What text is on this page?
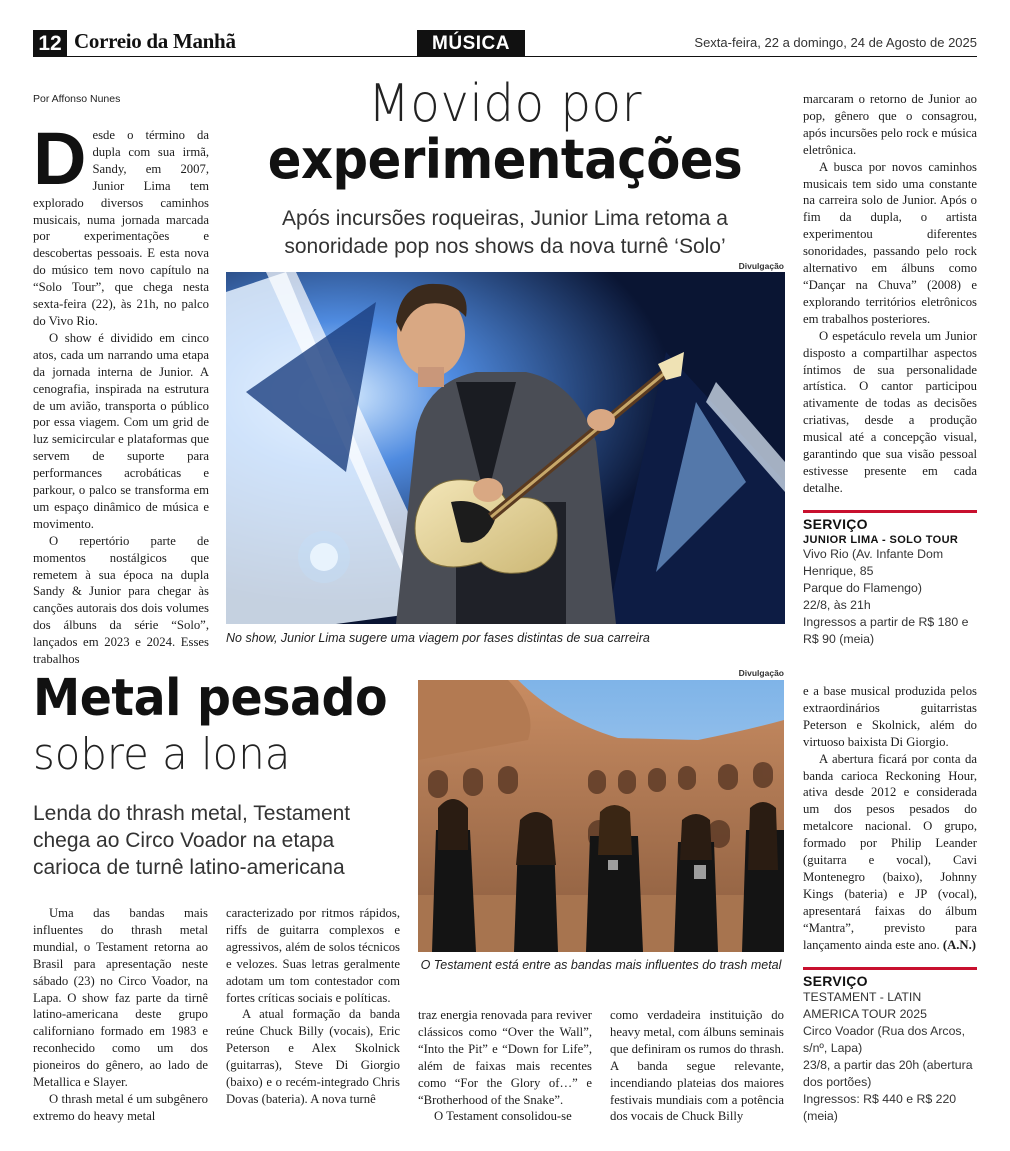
12 Correio da Manhã	MÚSICA	Sexta-feira, 22 a domingo, 24 de Agosto de 2025
Por Affonso Nunes

Desde o término da dupla com sua irmã, Sandy, em 2007, Junior Lima tem explorado diversos caminhos musicais, numa jornada marcada por experimentações e descobertas pessoais. E esta nova do músico tem novo capítulo na “Solo Tour”, que chega nesta sexta-feira (22), às 21h, no palco do Vivo Rio.

O show é dividido em cinco atos, cada um narrando uma etapa da jornada interna de Junior. A cenografia, inspirada na estrutura de um avião, transporta o público por essa viagem. Com um grid de luz semicircular e plataformas que servem de suporte para performances acrobáticas e parkour, o palco se transforma em um espaço dinâmico de música e movimento.

O repertório parte de momentos nostálgicos que remetem à sua época na dupla Sandy & Junior para chegar às canções autorais dos dois volumes dos álbuns da série “Solo”, lançados em 2023 e 2024. Esses trabalhos

Movido por
experimentações
Após incursões roqueiras, Junior Lima retoma a sonoridade pop nos shows da nova turnê ‘Solo’
Divulgação
No show, Junior Lima sugere uma viagem por fases distintas de sua carreira

marcaram o retorno de Junior ao pop, gênero que o consagrou, após incursões pelo rock e música eletrônica.

A busca por novos caminhos musicais tem sido uma constante na carreira solo de Junior. Após o fim da dupla, o artista experimentou diferentes sonoridades, passando pelo rock alternativo em álbuns como “Dançar na Chuva” (2008) e explorando territórios eletrônicos em trabalhos posteriores.

O espetáculo revela um Junior disposto a compartilhar aspectos íntimos de sua personalidade artística. O cantor participou ativamente de todas as decisões criativas, desde a produção musical até a concepção visual, garantindo que sua visão pessoal estivesse presente em cada detalhe.

SERVIÇO
JUNIOR LIMA - SOLO TOUR
Vivo Rio (Av. Infante Dom Henrique, 85
Parque do Flamengo)
22/8, às 21h
Ingressos a partir de R$ 180 e R$ 90 (meia)
Metal pesado
sobre a lona
Lenda do thrash metal, Testament chega ao Circo Voador na etapa carioca de turnê latino-americana
Divulgação
O Testament está entre as bandas mais influentes do trash metal

Uma das bandas mais influentes do thrash metal mundial, o Testament retorna ao Brasil para apresentação neste sábado (23) no Circo Voador, na Lapa. O show faz parte da tirnê latino-americana deste grupo californiano formado em 1983 e reconhecido como um dos pioneiros do gênero, ao lado de Metallica e Slayer.

O thrash metal é um subgênero extremo do heavy metal

caracterizado por ritmos rápidos, riffs de guitarra complexos e agressivos, além de solos técnicos e velozes. Suas letras geralmente adotam um tom contestador com fortes críticas sociais e políticas.

A atual formação da banda reúne Chuck Billy (vocais), Eric Peterson e Alex Skolnick (guitarras), Steve Di Giorgio (baixo) e o recém-integrado Chris Dovas (bateria). A nova turnê

traz energia renovada para reviver clássicos como “Over the Wall”, “Into the Pit” e “Down for Life”, além de faixas mais recentes como “For the Glory of…” e “Brotherhood of the Snake”.

O Testament consolidou-se

como verdadeira instituição do heavy metal, com álbuns seminais que definiram os rumos do thrash. A banda segue relevante, incendiando plateias dos maiores festivais mundiais com a potência dos vocais de Chuck Billy

e a base musical produzida pelos extraordinários guitarristas Peterson e Skolnick, além do virtuoso baixista Di Giorgio.

A abertura ficará por conta da banda carioca Reckoning Hour, ativa desde 2012 e considerada um dos pesos pesados do metalcore nacional. O grupo, formado por Philip Leander (guitarra e vocal), Cavi Montenegro (baixo), Johnny Kings (bateria) e JP (vocal), apresentará faixas do álbum “Mantra”, previsto para lançamento ainda este ano. (A.N.)

SERVIÇO
TESTAMENT - LATIN AMERICA TOUR 2025
Circo Voador (Rua dos Arcos, s/nº, Lapa)
23/8, a partir das 20h (abertura dos portões)
Ingressos: R$ 440 e R$ 220 (meia)
